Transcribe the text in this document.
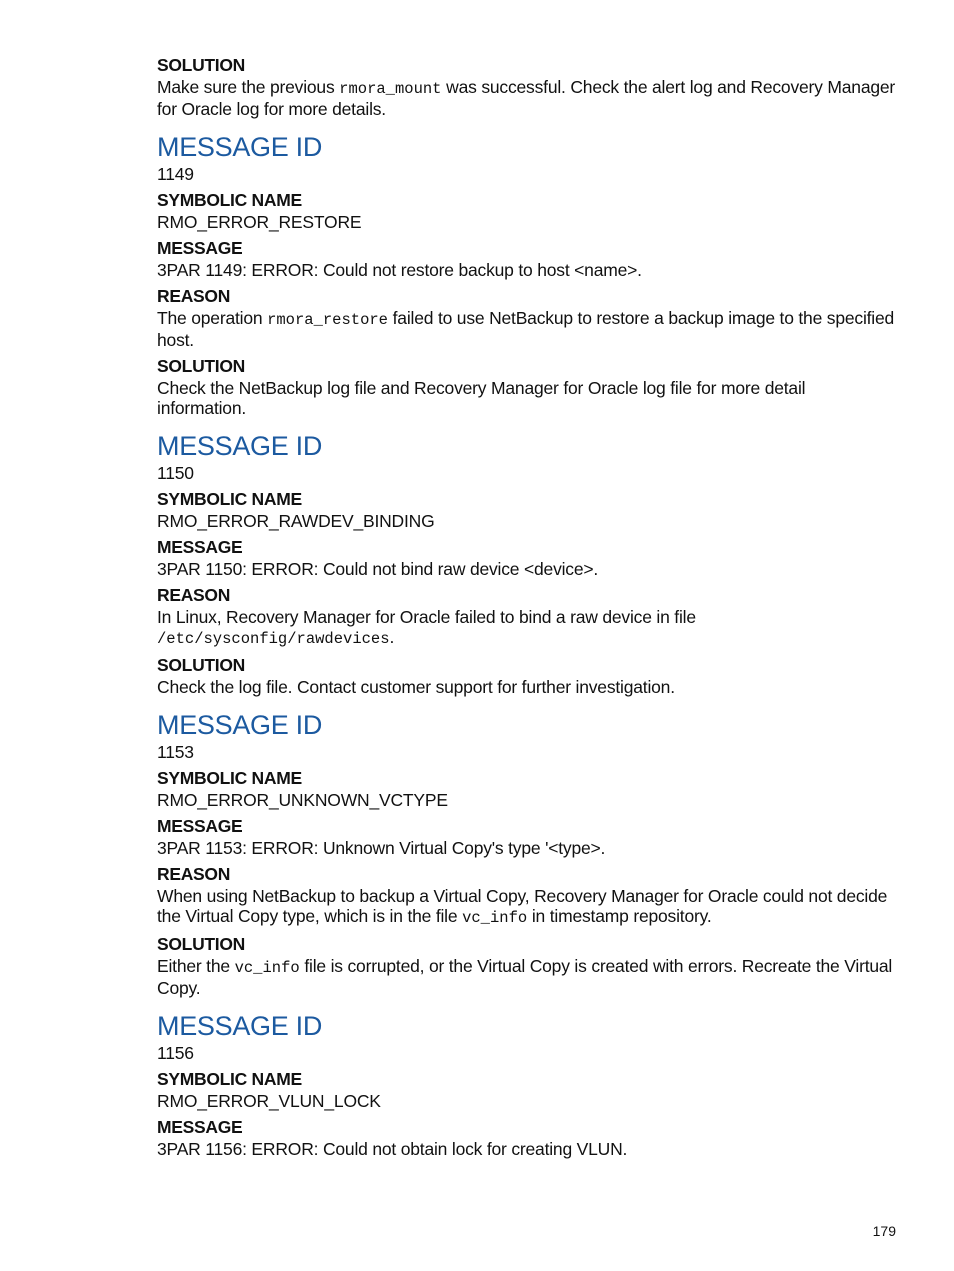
SOLUTION
Make sure the previous rmora_mount was successful. Check the alert log and Recovery Manager for Oracle log for more details.
MESSAGE ID
1149
SYMBOLIC NAME
RMO_ERROR_RESTORE
MESSAGE
3PAR 1149: ERROR: Could not restore backup to host <name>.
REASON
The operation rmora_restore failed to use NetBackup to restore a backup image to the specified host.
SOLUTION
Check the NetBackup log file and Recovery Manager for Oracle log file for more detail information.
MESSAGE ID
1150
SYMBOLIC NAME
RMO_ERROR_RAWDEV_BINDING
MESSAGE
3PAR 1150: ERROR: Could not bind raw device <device>.
REASON
In Linux, Recovery Manager for Oracle failed to bind a raw device in file /etc/sysconfig/rawdevices.
SOLUTION
Check the log file. Contact customer support for further investigation.
MESSAGE ID
1153
SYMBOLIC NAME
RMO_ERROR_UNKNOWN_VCTYPE
MESSAGE
3PAR 1153: ERROR: Unknown Virtual Copy's type '<type>.
REASON
When using NetBackup to backup a Virtual Copy, Recovery Manager for Oracle could not decide the Virtual Copy type, which is in the file vc_info in timestamp repository.
SOLUTION
Either the vc_info file is corrupted, or the Virtual Copy is created with errors. Recreate the Virtual Copy.
MESSAGE ID
1156
SYMBOLIC NAME
RMO_ERROR_VLUN_LOCK
MESSAGE
3PAR 1156: ERROR: Could not obtain lock for creating VLUN.
179
